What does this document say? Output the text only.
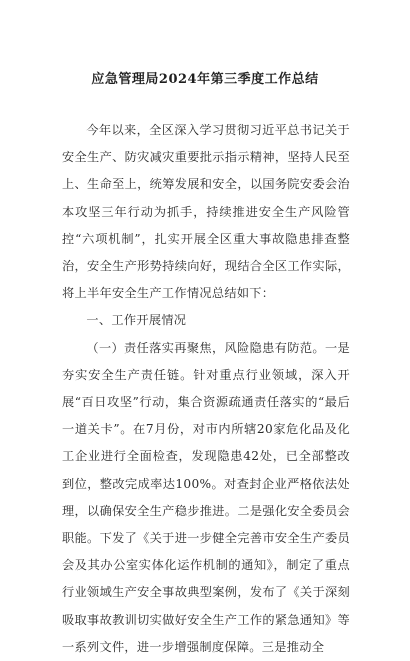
应急管理局2024年第三季度工作总结

今年以来，全区深入学习贯彻习近平总书记关于安全生产、防灾减灾重要批示指示精神，坚持人民至上、生命至上，统筹发展和安全，以国务院安委会治本攻坚三年行动为抓手，持续推进安全生产风险管控“六项机制”，扎实开展全区重大事故隐患排查整治，安全生产形势持续向好，现结合全区工作实际，将上半年安全生产工作情况总结如下：

一、工作开展情况

（一）责任落实再聚焦，风险隐患有防范。一是夯实安全生产责任链。针对重点行业领域，深入开展“百日攻坚”行动，集合资源疏通责任落实的“最后一道关卡”。在7月份，对市内所辖20家危化品及化工企业进行全面检查，发现隐患42处，已全部整改到位，整改完成率达100%。对查封企业严格依法处理，以确保安全生产稳步推进。二是强化安全委员会职能。下发了《关于进一步健全完善市安全生产委员会及其办公室实体化运作机制的通知》，制定了重点行业领域生产安全事故典型案例，发布了《关于深刻吸取事故教训切实做好安全生产工作的紧急通知》等一系列文件，进一步增强制度保障。三是推动全
